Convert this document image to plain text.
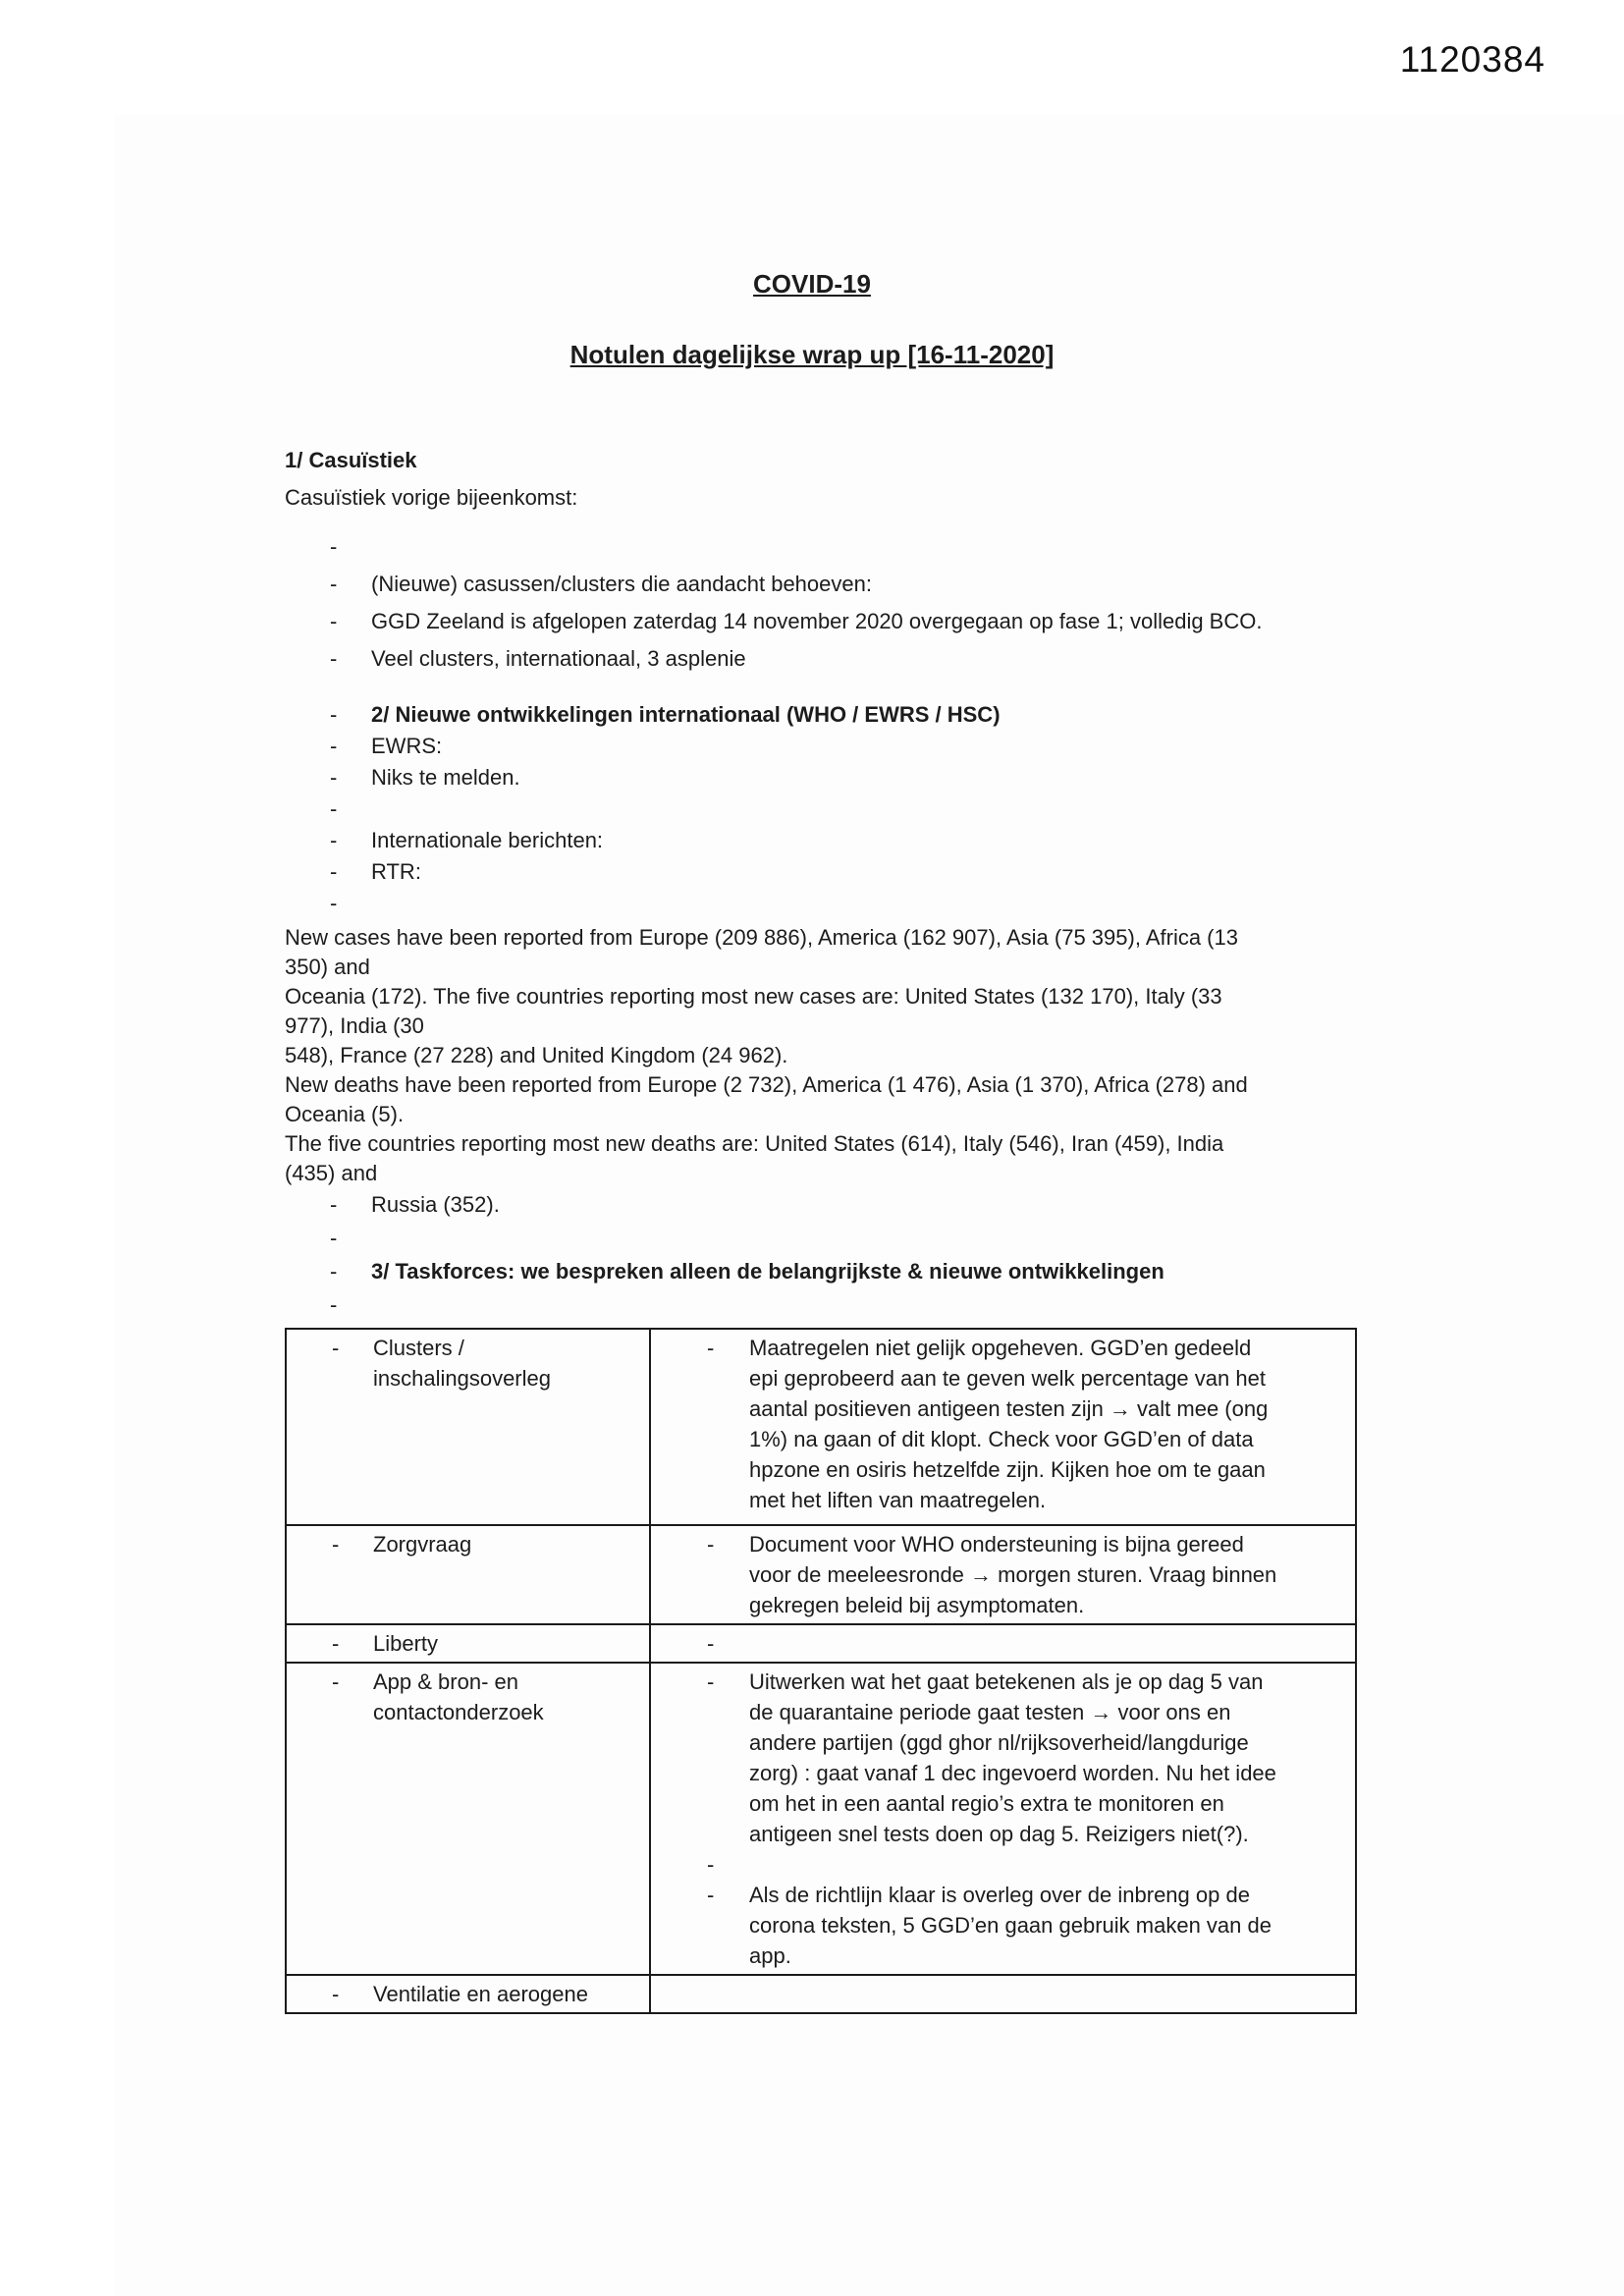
1120384
COVID-19
Notulen dagelijkse wrap up [16-11-2020]
1/ Casuïstiek
Casuïstiek vorige bijeenkomst:
-
- (Nieuwe) casussen/clusters die aandacht behoeven:
- GGD Zeeland is afgelopen zaterdag 14 november 2020 overgegaan op fase 1; volledig BCO.
- Veel clusters, internationaal, 3 asplenie
- 2/ Nieuwe ontwikkelingen internationaal (WHO / EWRS / HSC)
- EWRS:
- Niks te melden.
-
- Internationale berichten:
- RTR:
-
New cases have been reported from Europe (209 886), America (162 907), Asia (75 395), Africa (13
350) and
Oceania (172). The five countries reporting most new cases are: United States (132 170), Italy (33
977), India (30
548), France (27 228) and United Kingdom (24 962).
New deaths have been reported from Europe (2 732), America (1 476), Asia (1 370), Africa (278) and
Oceania (5).
The five countries reporting most new deaths are: United States (614), Italy (546), Iran (459), India
(435) and
- Russia (352).
-
- 3/ Taskforces: we bespreken alleen de belangrijkste & nieuwe ontwikkelingen
-
- Clusters /
inschalingsoverleg
- Maatregelen niet gelijk opgeheven. GGD’en gedeeld
epi geprobeerd aan te geven welk percentage van het
aantal positieven antigeen testen zijn → valt mee (ong
1%) na gaan of dit klopt. Check voor GGD’en of data
hpzone en osiris hetzelfde zijn. Kijken hoe om te gaan
met het liften van maatregelen.
- Zorgvraag	- Document voor WHO ondersteuning is bijna gereed
voor de meeleesronde → morgen sturen. Vraag binnen
gekregen beleid bij asymptomaten.
- Liberty	-
- App & bron- en
contactonderzoek
- Uitwerken wat het gaat betekenen als je op dag 5 van
de quarantaine periode gaat testen → voor ons en
andere partijen (ggd ghor nl/rijksoverheid/langdurige
zorg) : gaat vanaf 1 dec ingevoerd worden. Nu het idee
om het in een aantal regio’s extra te monitoren en
antigeen snel tests doen op dag 5. Reizigers niet(?).
-
- Als de richtlijn klaar is overleg over de inbreng op de
corona teksten, 5 GGD’en gaan gebruik maken van de
app.
- Ventilatie en aerogene
